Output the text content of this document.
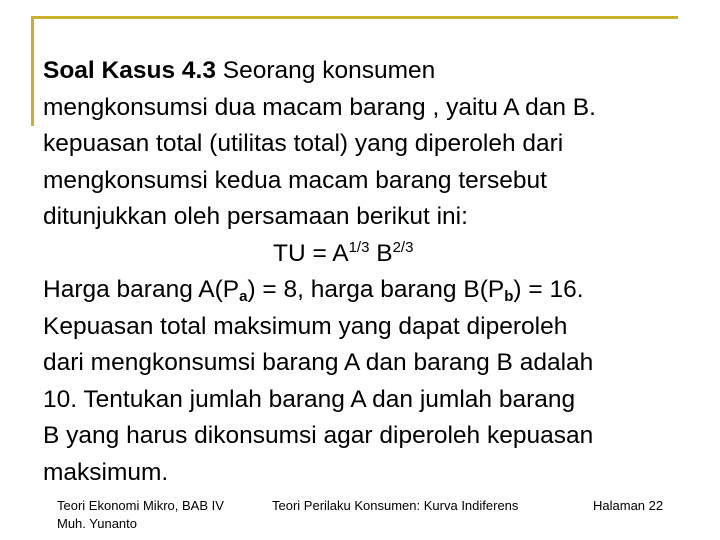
Soal Kasus 4.3 Seorang konsumen
mengkonsumsi dua macam barang , yaitu A dan B.
kepuasan total (utilitas total) yang diperoleh dari
mengkonsumsi kedua macam barang tersebut
ditunjukkan oleh persamaan berikut ini:
TU = $A^{1/3}$ $B^{2/3}$
Harga barang $A(P_a) = 8$, harga barang $B(P_b) = 16$.
Kepuasan total maksimum yang dapat diperoleh
dari mengkonsumsi barang A dan barang B adalah
10. Tentukan jumlah barang A dan jumlah barang
B yang harus dikonsumsi agar diperoleh kepuasan
maksimum.
Teori Ekonomi Mikro, BAB IV
Muh. Yunanto
Teori Perilaku Konsumen: Kurva Indiferens	Halaman 22
